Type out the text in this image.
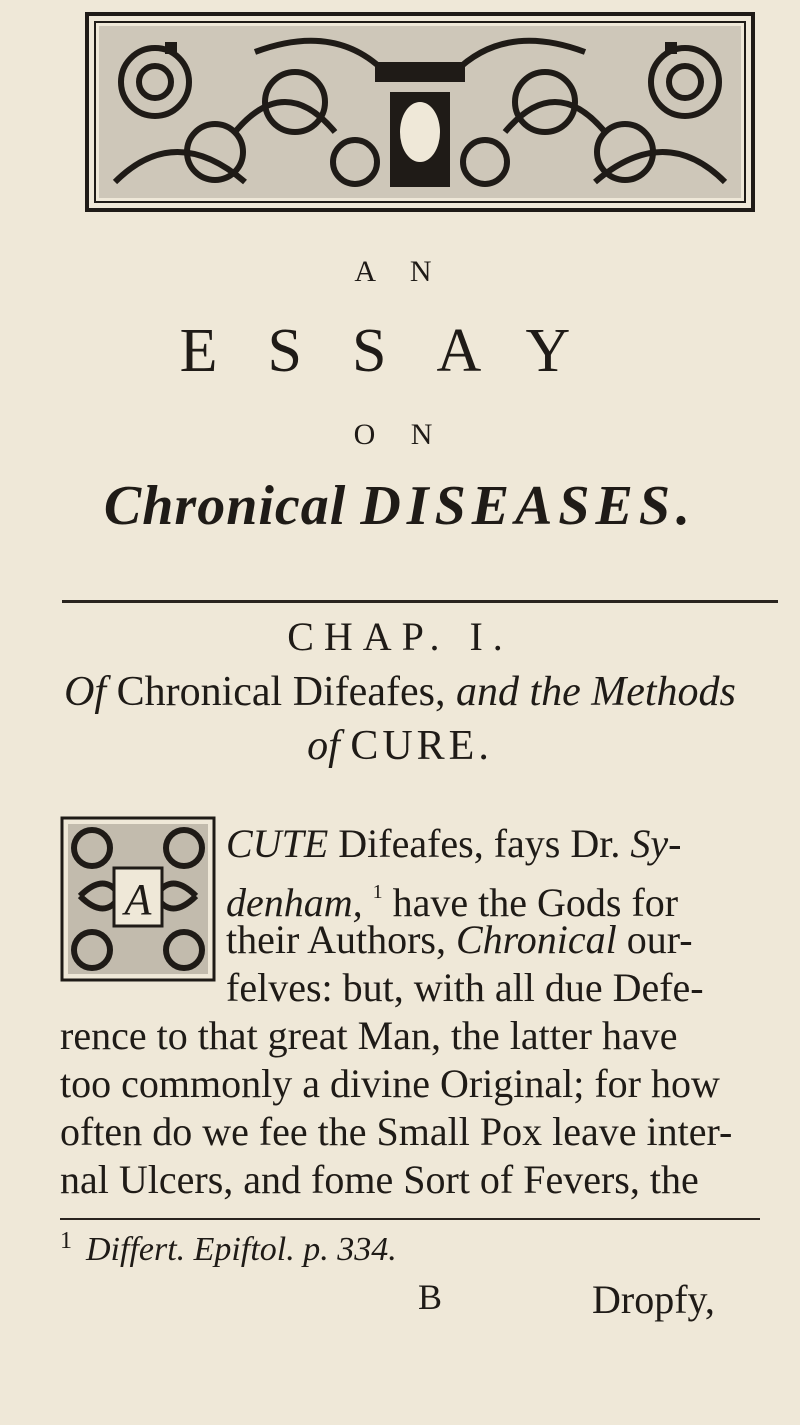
A N
ESSAY
O N
Chronical DISEASES.
CHAP. I.
Of Chronical Difeafes, and the Methods
of CURE.
A
CUTE Difeafes, fays Dr. Sy-
denham, $^1$ have the Gods for
their Authors, Chronical our-
felves: but, with all due Defe-
rence to that great Man, the latter have
too commonly a divine Original; for how
often do we fee the Small Pox leave inter-
nal Ulcers, and fome Sort of Fevers, the
$^1$ Differt. Epiftol. p. 334.
B	Dropfy,
